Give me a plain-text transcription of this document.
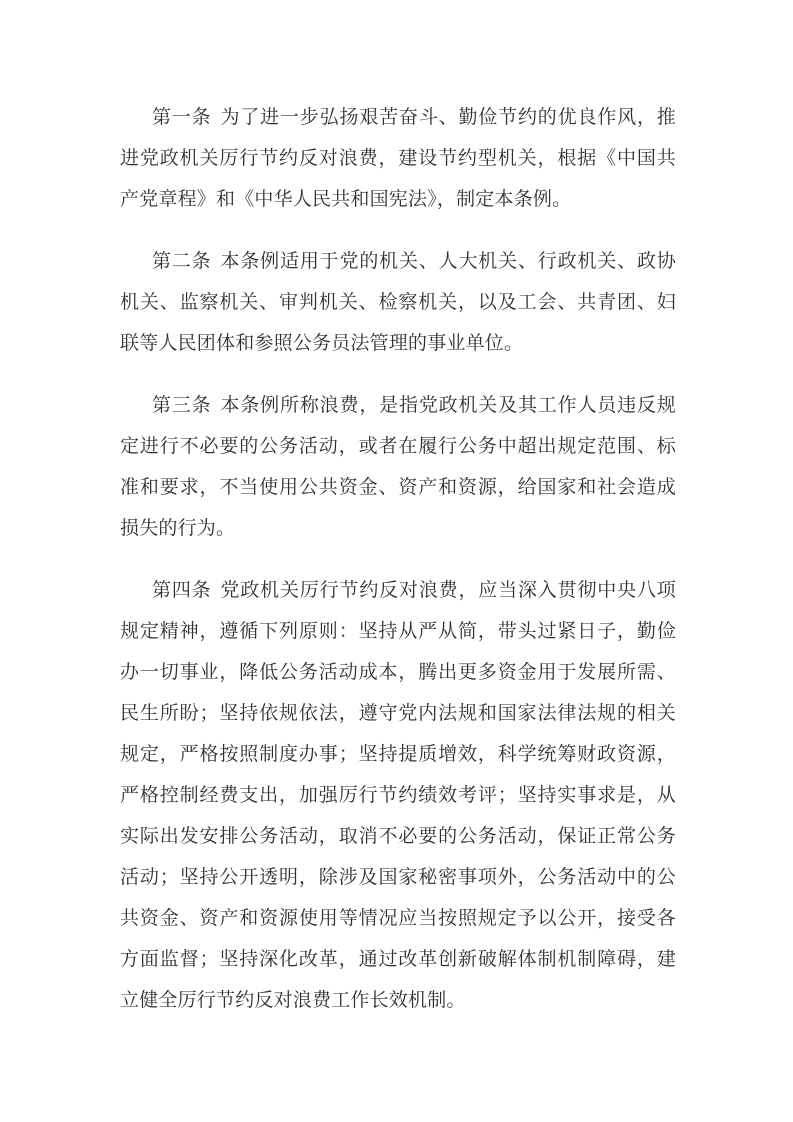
第一条 为了进一步弘扬艰苦奋斗、勤俭节约的优良作风，推进党政机关厉行节约反对浪费，建设节约型机关，根据《中国共产党章程》和《中华人民共和国宪法》，制定本条例。

第二条 本条例适用于党的机关、人大机关、行政机关、政协机关、监察机关、审判机关、检察机关，以及工会、共青团、妇联等人民团体和参照公务员法管理的事业单位。

第三条 本条例所称浪费，是指党政机关及其工作人员违反规定进行不必要的公务活动，或者在履行公务中超出规定范围、标准和要求，不当使用公共资金、资产和资源，给国家和社会造成损失的行为。

第四条 党政机关厉行节约反对浪费，应当深入贯彻中央八项规定精神，遵循下列原则：坚持从严从简，带头过紧日子，勤俭办一切事业，降低公务活动成本，腾出更多资金用于发展所需、民生所盼；坚持依规依法，遵守党内法规和国家法律法规的相关规定，严格按照制度办事；坚持提质增效，科学统筹财政资源，严格控制经费支出，加强厉行节约绩效考评；坚持实事求是，从实际出发安排公务活动，取消不必要的公务活动，保证正常公务活动；坚持公开透明，除涉及国家秘密事项外，公务活动中的公共资金、资产和资源使用等情况应当按照规定予以公开，接受各方面监督；坚持深化改革，通过改革创新破解体制机制障碍，建立健全厉行节约反对浪费工作长效机制。
